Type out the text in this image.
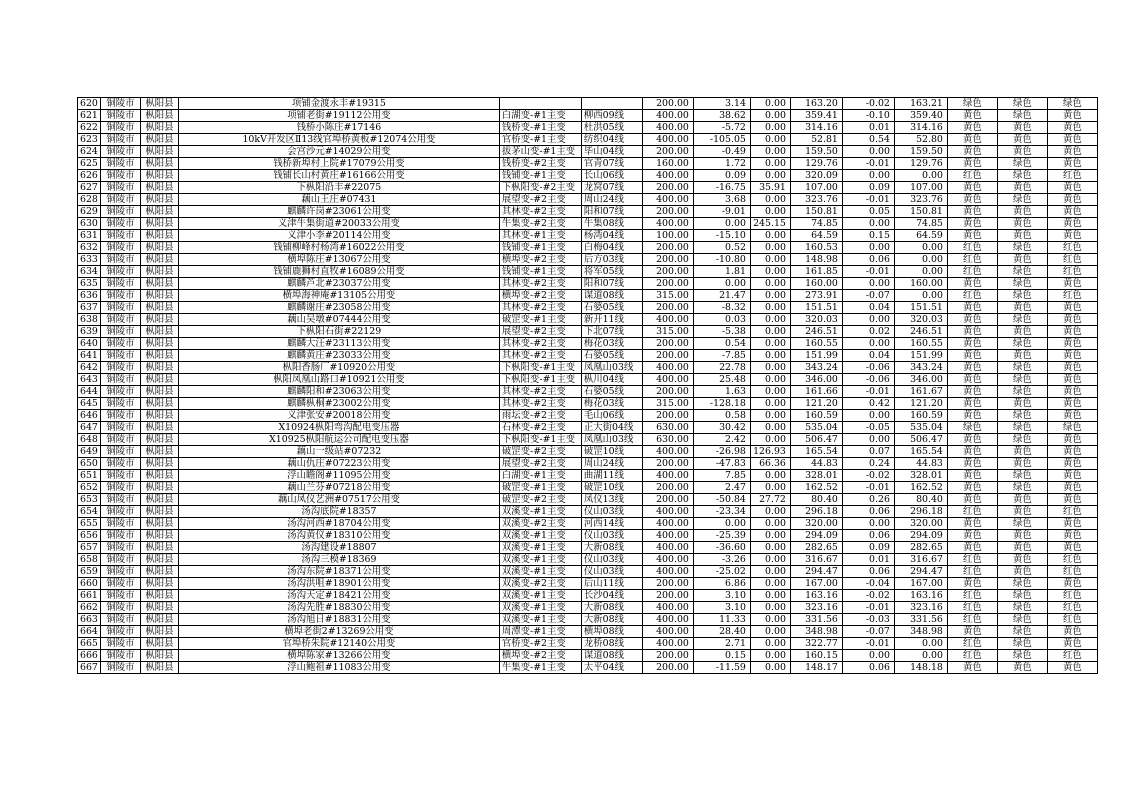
620	铜陵市	枞阳县	项铺金渡永丰#19315			200.00	3.14	0.00	163.20	-0.02	163.21	绿色	绿色	绿色
621	铜陵市	枞阳县	项铺老街#19112公用变	白湖变-#1主变	柳西09线	400.00	38.62	0.00	359.41	-0.10	359.40	黄色	绿色	黄色
622	铜陵市	枞阳县	钱桥小陈庄#17146	钱桥变-#1主变	杜洪05线	400.00	-5.72	0.00	314.16	0.01	314.16	黄色	黄色	黄色
623	铜陵市	枞阳县	10kV开发区Ⅱ13线官埠桥黄板#12074公用变	官桥变-#1主变	纺织04线	400.00	-105.05	0.00	52.81	0.54	52.80	黄色	黄色	黄色
624	铜陵市	枞阳县	会宫沙元#14029公用变	拔茅山变-#1主变	毕山04线	200.00	-0.49	0.00	159.50	0.00	159.50	黄色	黄色	黄色
625	铜陵市	枞阳县	钱桥新埠村上院#17079公用变	钱桥变-#2主变	官青07线	160.00	1.72	0.00	129.76	-0.01	129.76	黄色	绿色	黄色
626	铜陵市	枞阳县	钱铺长山村黄庄#16166公用变	钱铺变-#1主变	长山06线	400.00	0.09	0.00	320.09	0.00	0.00	红色	绿色	红色
627	铜陵市	枞阳县	下枞阳沿丰#22075	下枞阳变-#2主变	龙窝07线	200.00	-16.75	35.91	107.00	0.09	107.00	黄色	黄色	黄色
628	铜陵市	枞阳县	藕山王庄#07431	展望变-#2主变	周山24线	400.00	3.68	0.00	323.76	-0.01	323.76	黄色	绿色	黄色
629	铜陵市	枞阳县	麒麟许岗#23061公用变	其林变-#2主变	阳和07线	200.00	-9.01	0.00	150.81	0.05	150.81	黄色	黄色	黄色
630	铜陵市	枞阳县	义津牛集街道#20033公用变	牛集变-#2主变	牛集08线	400.00	0.00	245.15	74.85	0.00	74.85	黄色	黄色	黄色
631	铜陵市	枞阳县	义津小李#20114公用变	其林变-#1主变	杨湾04线	100.00	-15.10	0.00	64.59	0.15	64.59	黄色	黄色	黄色
632	铜陵市	枞阳县	钱铺柳峰村杨湾#16022公用变	钱铺变-#1主变	白梅04线	200.00	0.52	0.00	160.53	0.00	0.00	红色	绿色	红色
633	铜陵市	枞阳县	横埠陈庄#13067公用变	横埠变-#2主变	后方03线	200.00	-10.80	0.00	148.98	0.06	0.00	红色	黄色	红色
634	铜陵市	枞阳县	钱铺鹿狮村直牧#16089公用变	钱铺变-#1主变	将军05线	200.00	1.81	0.00	161.85	-0.01	0.00	红色	绿色	红色
635	铜陵市	枞阳县	麒麟芦北#23037公用变	其林变-#2主变	阳和07线	200.00	0.00	0.00	160.00	0.00	160.00	黄色	绿色	黄色
636	铜陵市	枞阳县	横埠海神庵#13105公用变	横埠变-#2主变	谋道08线	315.00	21.47	0.00	273.91	-0.07	0.00	红色	绿色	红色
637	铜陵市	枞阳县	麒麟谢庄#23058公用变	其林变-#2主变	石婆05线	200.00	-8.32	0.00	151.51	0.04	151.51	黄色	黄色	黄色
638	铜陵市	枞阳县	藕山吴墩#07444公用变	破罡变-#1主变	新开11线	400.00	0.03	0.00	320.03	0.00	320.03	黄色	绿色	黄色
639	铜陵市	枞阳县	下枞阳石街#22129	展望变-#2主变	下北07线	315.00	-5.38	0.00	246.51	0.02	246.51	黄色	黄色	黄色
640	铜陵市	枞阳县	麒麟大汪#23113公用变	其林变-#2主变	梅花03线	200.00	0.54	0.00	160.55	0.00	160.55	黄色	绿色	黄色
641	铜陵市	枞阳县	麒麟黄庄#23033公用变	其林变-#2主变	石婆05线	200.00	-7.85	0.00	151.99	0.04	151.99	黄色	黄色	黄色
642	铜陵市	枞阳县	枞阳香肠厂#10920公用变	下枞阳变-#1主变	凤凰山03线	400.00	22.78	0.00	343.24	-0.06	343.24	黄色	绿色	黄色
643	铜陵市	枞阳县	枞阳凤凰山路口#10921公用变	下枞阳变-#1主变	枞川04线	400.00	25.48	0.00	346.00	-0.06	346.00	黄色	绿色	黄色
644	铜陵市	枞阳县	麒麟阳和#23063公用变	其林变-#2主变	石婆05线	200.00	1.63	0.00	161.66	-0.01	161.67	黄色	绿色	黄色
645	铜陵市	枞阳县	麒麟枞桐#23002公用变	其林变-#2主变	梅花03线	315.00	-128.18	0.00	121.20	0.42	121.20	黄色	黄色	黄色
646	铜陵市	枞阳县	义津张安#20018公用变	雨坛变-#2主变	毛山06线	200.00	0.58	0.00	160.59	0.00	160.59	黄色	绿色	黄色
647	铜陵市	枞阳县	X10924枞阳弯沟配电变压器	石林变-#2主变	正大街04线	630.00	30.42	0.00	535.04	-0.05	535.04	绿色	绿色	绿色
648	铜陵市	枞阳县	X10925枞阳航运公司配电变压器	下枞阳变-#1主变	凤凰山03线	630.00	2.42	0.00	506.47	0.00	506.47	黄色	绿色	黄色
649	铜陵市	枞阳县	藕山一级站#07232	破罡变-#2主变	破罡10线	400.00	-26.98	126.93	165.54	0.07	165.54	黄色	黄色	黄色
650	铜陵市	枞阳县	藕山仇庄#07223公用变	展望变-#2主变	周山24线	200.00	-47.83	66.36	44.83	0.24	44.83	黄色	黄色	黄色
651	铜陵市	枞阳县	浮山瞻阁#11095公用变	白湖变-#1主变	曲湖11线	400.00	7.85	0.00	328.01	-0.02	328.01	黄色	绿色	黄色
652	铜陵市	枞阳县	藕山兰芬#07218公用变	破罡变-#1主变	破罡10线	200.00	2.47	0.00	162.52	-0.01	162.52	黄色	绿色	黄色
653	铜陵市	枞阳县	藕山凤仪艺洲#07517公用变	破罡变-#2主变	凤仪13线	200.00	-50.84	27.72	80.40	0.26	80.40	黄色	黄色	黄色
654	铜陵市	枞阳县	汤沟底院#18357	双溪变-#1主变	仪山03线	400.00	-23.34	0.00	296.18	0.06	296.18	红色	黄色	红色
655	铜陵市	枞阳县	汤沟河西#18704公用变	双溪变-#2主变	河西14线	400.00	0.00	0.00	320.00	0.00	320.00	黄色	绿色	黄色
656	铜陵市	枞阳县	汤沟黄仪#18310公用变	双溪变-#1主变	仪山03线	400.00	-25.39	0.00	294.09	0.06	294.09	黄色	黄色	黄色
657	铜陵市	枞阳县	汤沟建设#18807	双溪变-#1主变	大新08线	400.00	-36.60	0.00	282.65	0.09	282.65	黄色	黄色	黄色
658	铜陵市	枞阳县	汤沟三模#18369	双溪变-#1主变	仪山03线	400.00	-3.26	0.00	316.67	0.01	316.67	红色	黄色	红色
659	铜陵市	枞阳县	汤沟东院#18371公用变	双溪变-#1主变	仪山03线	400.00	-25.02	0.00	294.47	0.06	294.47	红色	黄色	红色
660	铜陵市	枞阳县	汤沟洪咀#18901公用变	双溪变-#2主变	后山11线	200.00	6.86	0.00	167.00	-0.04	167.00	黄色	绿色	黄色
661	铜陵市	枞阳县	汤沟天定#18421公用变	双溪变-#1主变	长沙04线	200.00	3.10	0.00	163.16	-0.02	163.16	红色	绿色	红色
662	铜陵市	枞阳县	汤沟先胜#18830公用变	双溪变-#1主变	大新08线	400.00	3.10	0.00	323.16	-0.01	323.16	红色	绿色	红色
663	铜陵市	枞阳县	汤沟旭日#18831公用变	双溪变-#1主变	大新08线	400.00	11.33	0.00	331.56	-0.03	331.56	红色	绿色	红色
664	铜陵市	枞阳县	横埠老街2#13269公用变	周潭变-#1主变	横埠08线	400.00	28.40	0.00	348.98	-0.07	348.98	黄色	绿色	黄色
665	铜陵市	枞阳县	官埠桥朱院#12140公用变	官桥变-#2主变	龙桥08线	400.00	2.71	0.00	322.77	-0.01	0.00	红色	绿色	黄色
666	铜陵市	枞阳县	横埠陈家#13266公用变	横埠变-#2主变	谋道08线	200.00	0.15	0.00	160.15	0.00	0.00	红色	绿色	红色
667	铜陵市	枞阳县	浮山鲍祖#11083公用变	牛集变-#1主变	太平04线	200.00	-11.59	0.00	148.17	0.06	148.18	黄色	黄色	黄色
